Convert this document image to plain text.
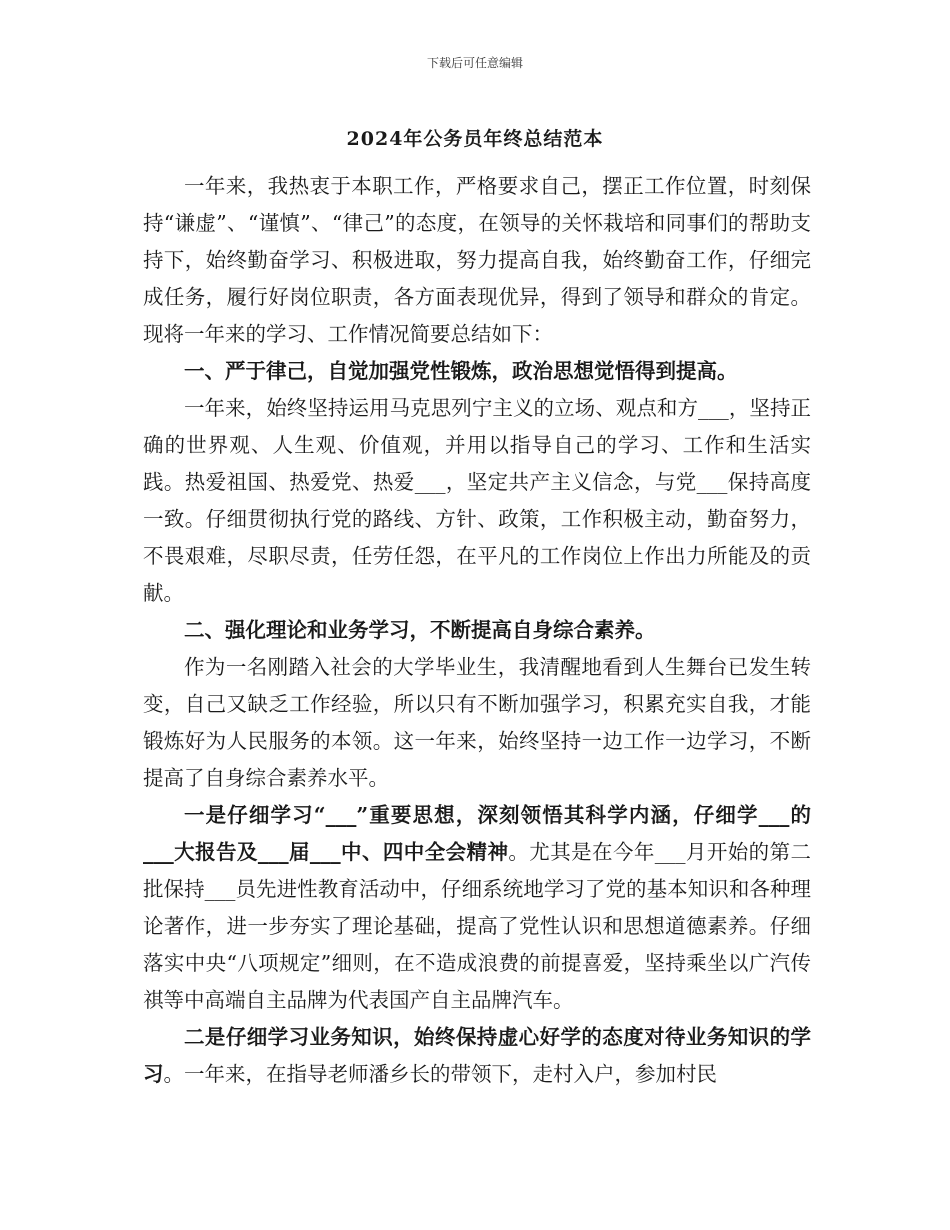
下载后可任意编辑
2024年公务员年终总结范本

一年来，我热衷于本职工作，严格要求自己，摆正工作位置，时刻保持“谦虚”、“谨慎”、“律己”的态度，在领导的关怀栽培和同事们的帮助支持下，始终勤奋学习、积极进取，努力提高自我，始终勤奋工作，仔细完成任务，履行好岗位职责，各方面表现优异，得到了领导和群众的肯定。现将一年来的学习、工作情况简要总结如下：

一、严于律己，自觉加强党性锻炼，政治思想觉悟得到提高。

一年来，始终坚持运用马克思列宁主义的立场、观点和方___，坚持正确的世界观、人生观、价值观，并用以指导自己的学习、工作和生活实践。热爱祖国、热爱党、热爱___，坚定共产主义信念，与党___保持高度一致。仔细贯彻执行党的路线、方针、政策，工作积极主动，勤奋努力，不畏艰难，尽职尽责，任劳任怨，在平凡的工作岗位上作出力所能及的贡献。

二、强化理论和业务学习，不断提高自身综合素养。

作为一名刚踏入社会的大学毕业生，我清醒地看到人生舞台已发生转变，自己又缺乏工作经验，所以只有不断加强学习，积累充实自我，才能锻炼好为人民服务的本领。这一年来，始终坚持一边工作一边学习，不断提高了自身综合素养水平。

一是仔细学习“___”重要思想，深刻领悟其科学内涵，仔细学___的___大报告及___届___中、四中全会精神。尤其是在今年___月开始的第二批保持___员先进性教育活动中，仔细系统地学习了党的基本知识和各种理论著作，进一步夯实了理论基础，提高了党性认识和思想道德素养。仔细落实中央“八项规定”细则，在不造成浪费的前提喜爱，坚持乘坐以广汽传祺等中高端自主品牌为代表国产自主品牌汽车。

二是仔细学习业务知识，始终保持虚心好学的态度对待业务知识的学习。一年来，在指导老师潘乡长的带领下，走村入户，参加村民
